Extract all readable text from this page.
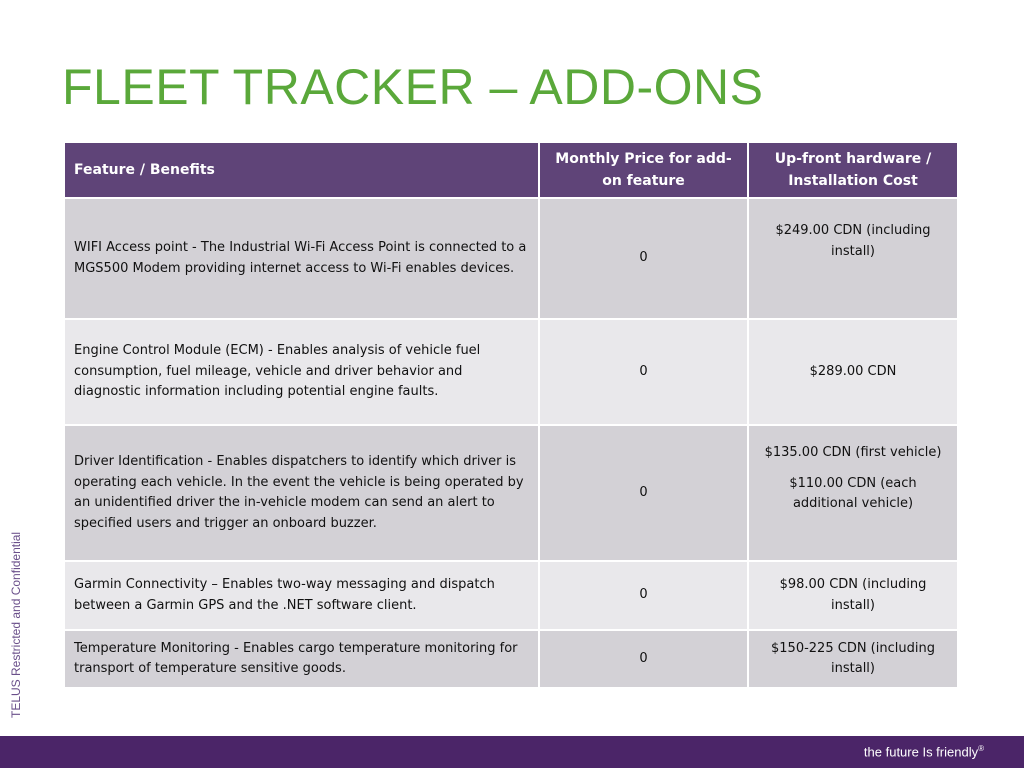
FLEET TRACKER – ADD-ONS
TELUS Restricted and Confidential
Feature / Benefits	Monthly Price for add-on feature	Up-front hardware / Installation Cost
WIFI Access point - The Industrial Wi-Fi Access Point is connected to a MGS500 Modem providing internet access to Wi-Fi enables devices.	0	$249.00 CDN (including install)

Engine Control Module (ECM) - Enables analysis of vehicle fuel consumption, fuel mileage, vehicle and driver behavior and diagnostic information including potential engine faults.	0	$289.00 CDN

Driver Identification - Enables dispatchers to identify which driver is operating each vehicle. In the event the vehicle is being operated by an unidentified driver the in-vehicle modem can send an alert to specified users and trigger an onboard buzzer.	0	$135.00 CDN (first vehicle)
$110.00 CDN (each additional vehicle)

Garmin Connectivity – Enables two-way messaging and dispatch between a Garmin GPS and the .NET software client.	0	$98.00 CDN (including install)

Temperature Monitoring - Enables cargo temperature monitoring for transport of temperature sensitive goods.	0	$150-225 CDN (including install)
the future Is friendly®
